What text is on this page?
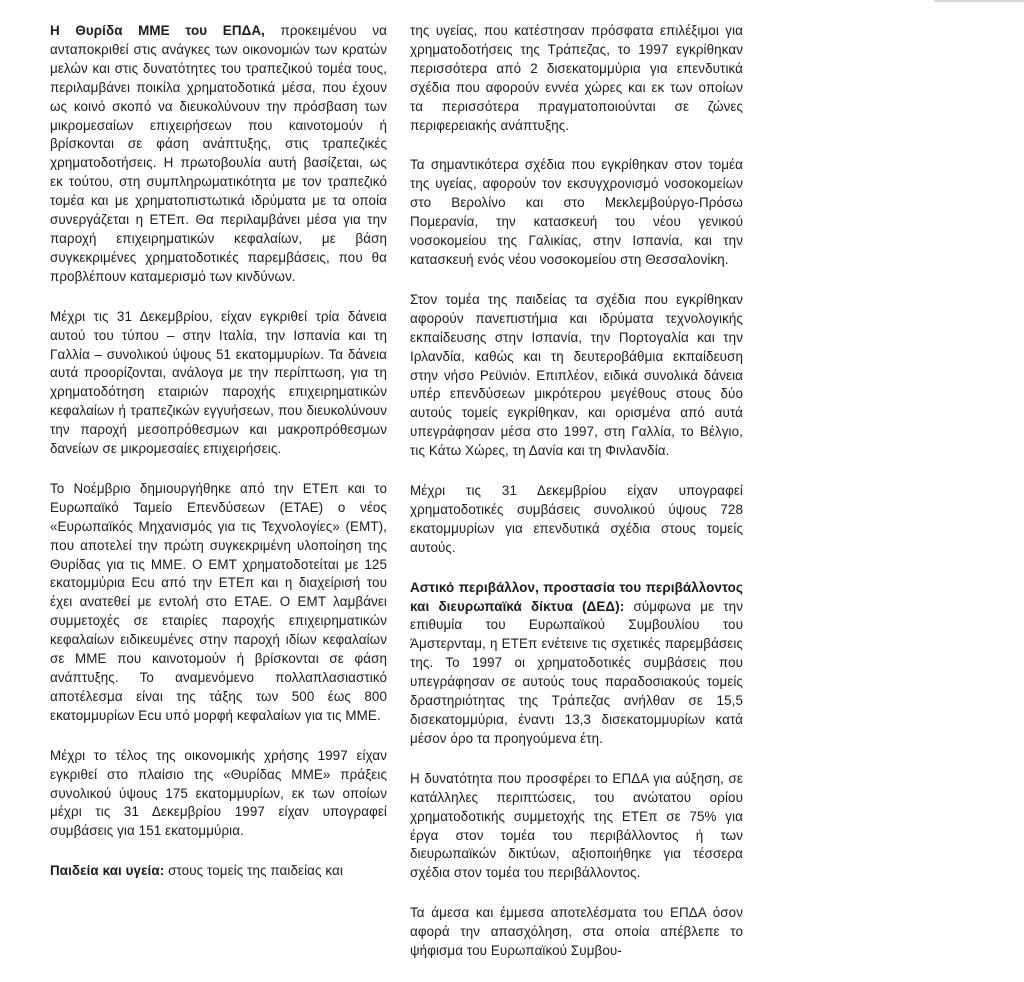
Η Θυρίδα ΜΜΕ του ΕΠΔΑ, προκειμένου να ανταποκριθεί στις ανάγκες των οικονομιών των κρατών μελών και στις δυνατότητες του τραπεζικού τομέα τους, περιλαμβάνει ποικίλα χρηματοδοτικά μέσα, που έχουν ως κοινό σκοπό να διευκολύνουν την πρόσβαση των μικρομεσαίων επιχειρήσεων που καινοτομούν ή βρίσκονται σε φάση ανάπτυξης, στις τραπεζικές χρηματοδοτήσεις. Η πρωτοβουλία αυτή βασίζεται, ως εκ τούτου, στη συμπληρωματικότητα με τον τραπεζικό τομέα και με χρηματοπιστωτικά ιδρύματα με τα οποία συνεργάζεται η ΕΤΕπ. Θα περιλαμβάνει μέσα για την παροχή επιχειρηματικών κεφαλαίων, με βάση συγκεκριμένες χρηματοδοτικές παρεμβάσεις, που θα προβλέπουν καταμερισμό των κινδύνων.

Μέχρι τις 31 Δεκεμβρίου, είχαν εγκριθεί τρία δάνεια αυτού του τύπου – στην Ιταλία, την Ισπανία και τη Γαλλία – συνολικού ύψους 51 εκατομμυρίων. Τα δάνεια αυτά προορίζονται, ανάλογα με την περίπτωση, για τη χρηματοδότηση εταιριών παροχής επιχειρηματικών κεφαλαίων ή τραπεζικών εγγυήσεων, που διευκολύνουν την παροχή μεσοπρόθεσμων και μακροπρόθεσμων δανείων σε μικρομεσαίες επιχειρήσεις.

Το Νοέμβριο δημιουργήθηκε από την ΕΤΕπ και το Ευρωπαϊκό Ταμείο Επενδύσεων (ΕΤΑΕ) ο νέος «Ευρωπαϊκός Μηχανισμός για τις Τεχνολογίες» (ΕΜΤ), που αποτελεί την πρώτη συγκεκριμένη υλοποίηση της Θυρίδας για τις ΜΜΕ. Ο ΕΜΤ χρηματοδοτείται με 125 εκατομμύρια Ecu από την ΕΤΕπ και η διαχείρισή του έχει ανατεθεί με εντολή στο ΕΤΑΕ. Ο ΕΜΤ λαμβάνει συμμετοχές σε εταιρίες παροχής επιχειρηματικών κεφαλαίων ειδικευμένες στην παροχή ιδίων κεφαλαίων σε ΜΜΕ που καινοτομούν ή βρίσκονται σε φάση ανάπτυξης. Το αναμενόμενο πολλαπλασιαστικό αποτέλεσμα είναι της τάξης των 500 έως 800 εκατομμυρίων Ecu υπό μορφή κεφαλαίων για τις ΜΜΕ.

Μέχρι το τέλος της οικονομικής χρήσης 1997 είχαν εγκριθεί στο πλαίσιο της «Θυρίδας ΜΜΕ» πράξεις συνολικού ύψους 175 εκατομμυρίων, εκ των οποίων μέχρι τις 31 Δεκεμβρίου 1997 είχαν υπογραφεί συμβάσεις για 151 εκατομμύρια.

Παιδεία και υγεία: στους τομείς της παιδείας και

της υγείας, που κατέστησαν πρόσφατα επιλέξιμοι για χρηματοδοτήσεις της Τράπεζας, το 1997 εγκρίθηκαν περισσότερα από 2 δισεκατομμύρια για επενδυτικά σχέδια που αφορούν εννέα χώρες και εκ των οποίων τα περισσότερα πραγματοποιούνται σε ζώνες περιφερειακής ανάπτυξης.

Τα σημαντικότερα σχέδια που εγκρίθηκαν στον τομέα της υγείας, αφορούν τον εκσυγχρονισμό νοσοκομείων στο Βερολίνο και στο Μεκλεμβούργο-Πρόσω Πομερανία, την κατασκευή του νέου γενικού νοσοκομείου της Γαλικίας, στην Ισπανία, και την κατασκευή ενός νέου νοσοκομείου στη Θεσσαλονίκη.

Στον τομέα της παιδείας τα σχέδια που εγκρίθηκαν αφορούν πανεπιστήμια και ιδρύματα τεχνολογικής εκπαίδευσης στην Ισπανία, την Πορτογαλία και την Ιρλανδία, καθώς και τη δευτεροβάθμια εκπαίδευση στην νήσο Ρεϋνιόν. Επιπλέον, ειδικά συνολικά δάνεια υπέρ επενδύσεων μικρότερου μεγέθους στους δύο αυτούς τομείς εγκρίθηκαν, και ορισμένα από αυτά υπεγράφησαν μέσα στο 1997, στη Γαλλία, το Βέλγιο, τις Κάτω Χώρες, τη Δανία και τη Φινλανδία.

Μέχρι τις 31 Δεκεμβρίου είχαν υπογραφεί χρηματοδοτικές συμβάσεις συνολικού ύψους 728 εκατομμυρίων για επενδυτικά σχέδια στους τομείς αυτούς.

Αστικό περιβάλλον, προστασία του περιβάλλοντος και διευρωπαϊκά δίκτυα (ΔΕΔ): σύμφωνα με την επιθυμία του Ευρωπαϊκού Συμβουλίου του Άμστερνταμ, η ΕΤΕπ ενέτεινε τις σχετικές παρεμβάσεις της. Το 1997 οι χρηματοδοτικές συμβάσεις που υπεγράφησαν σε αυτούς τους παραδοσιακούς τομείς δραστηριότητας της Τράπεζας ανήλθαν σε 15,5 δισεκατομμύρια, έναντι 13,3 δισεκατομμυρίων κατά μέσον όρο τα προηγούμενα έτη.

Η δυνατότητα που προσφέρει το ΕΠΔΑ για αύξηση, σε κατάλληλες περιπτώσεις, του ανώτατου ορίου χρηματοδοτικής συμμετοχής της ΕΤΕπ σε 75% για έργα στον τομέα του περιβάλλοντος ή των διευρωπαϊκών δικτύων, αξιοποιήθηκε για τέσσερα σχέδια στον τομέα του περιβάλλοντος.

Τα άμεσα και έμμεσα αποτελέσματα του ΕΠΔΑ όσον αφορά την απασχόληση, στα οποία απέβλεπε το ψήφισμα του Ευρωπαϊκού Συμβου-
